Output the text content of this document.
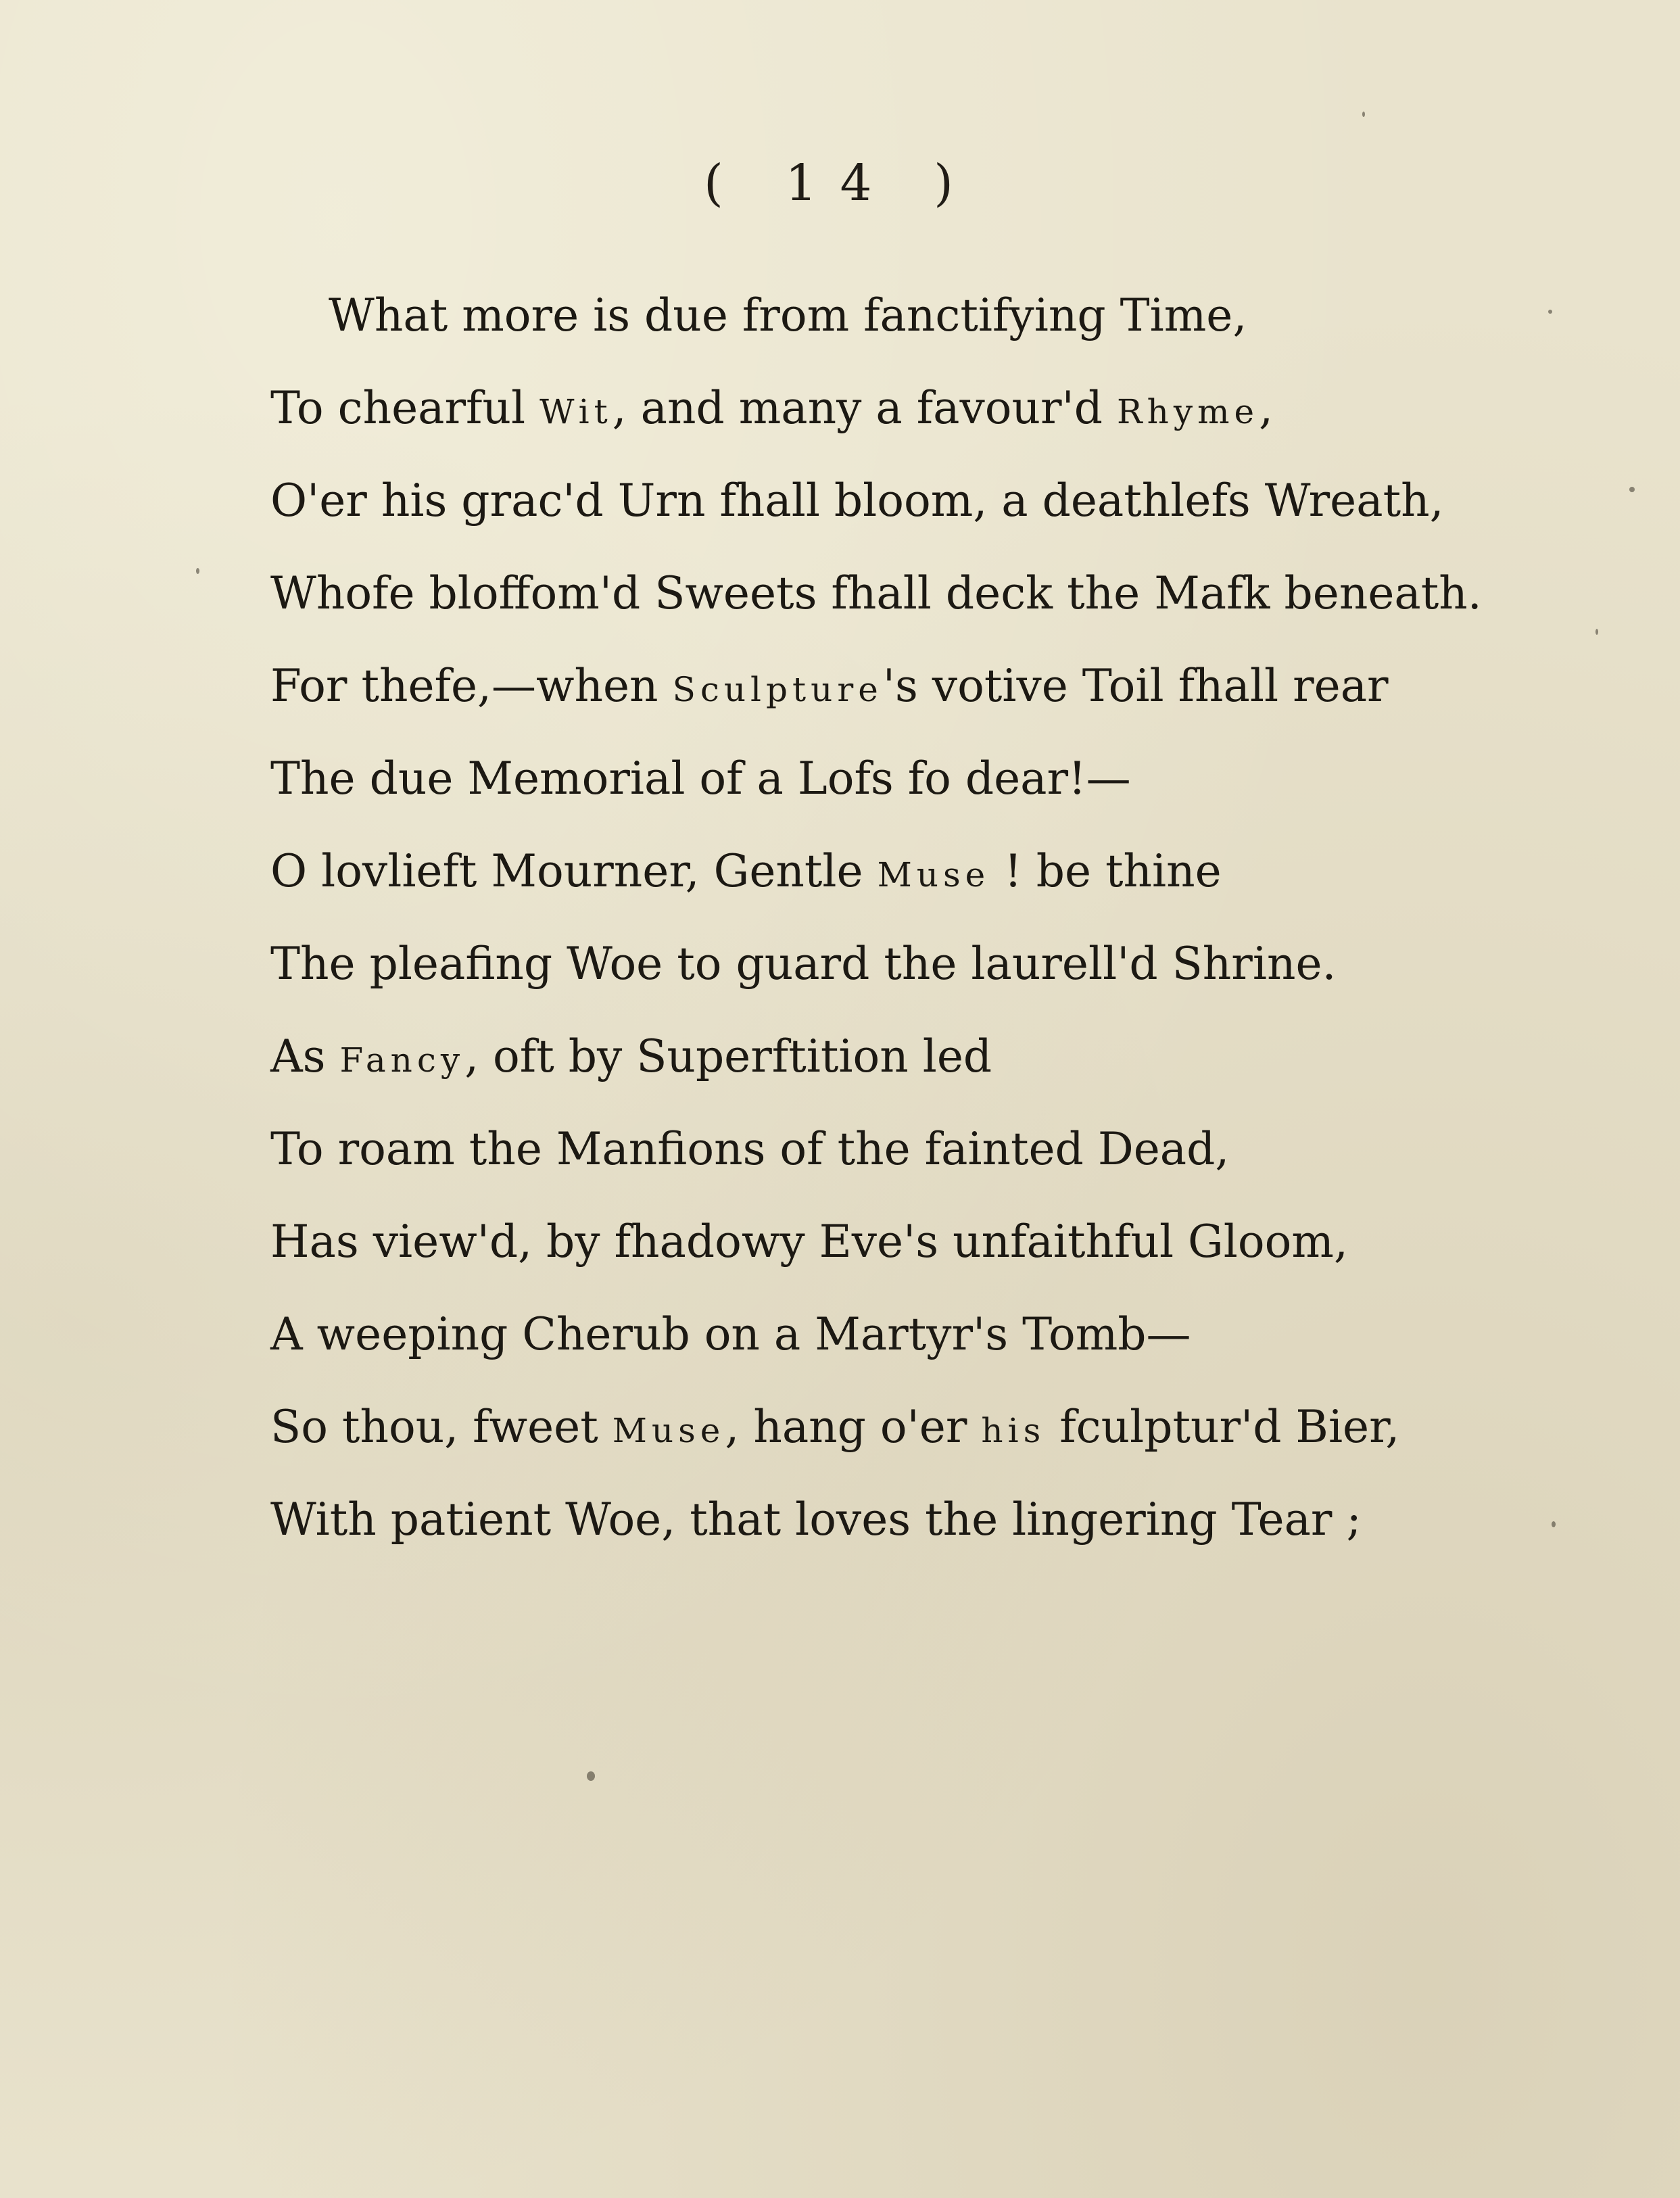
( 14 )
What more is due from fanctifying Time,
To chearful Wit, and many a favour'd Rhyme,
O'er his grac'd Urn fhall bloom, a deathlefs Wreath,
Whofe bloffom'd Sweets fhall deck the Mafk beneath.
For thefe,—when Sculpture's votive Toil fhall rear
The due Memorial of a Lofs fo dear!—
O lovlieft Mourner, Gentle Muse ! be thine
The pleafing Woe to guard the laurell'd Shrine.
As Fancy, oft by Superftition led
To roam the Manfions of the fainted Dead,
Has view'd, by fhadowy Eve's unfaithful Gloom,
A weeping Cherub on a Martyr's Tomb—
So thou, fweet Muse, hang o'er his fculptur'd Bier,
With patient Woe, that loves the lingering Tear ;
